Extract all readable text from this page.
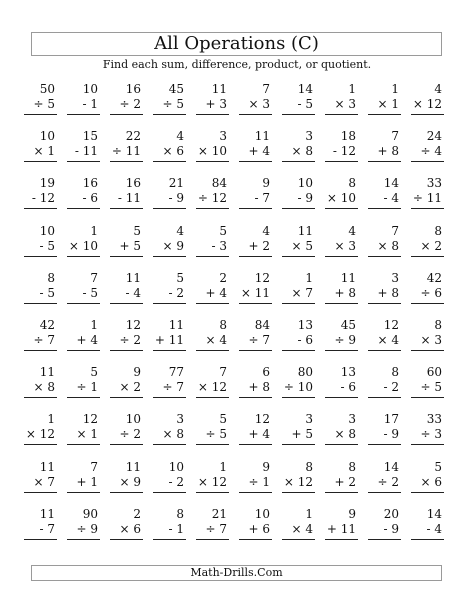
All Operations (C)
Find each sum, difference, product, or quotient.
50
÷ 5
10
- 1
16
÷ 2
45
÷ 5
11
+ 3
7
× 3
14
- 5
1
× 3
1
× 1
4
× 12
10
× 1
15
- 11
22
÷ 11
4
× 6
3
× 10
11
+ 4
3
× 8
18
- 12
7
+ 8
24
÷ 4
19
- 12
16
- 6
16
- 11
21
- 9
84
÷ 12
9
- 7
10
- 9
8
× 10
14
- 4
33
÷ 11
10
- 5
1
× 10
5
+ 5
4
× 9
5
- 3
4
+ 2
11
× 5
4
× 3
7
× 8
8
× 2
8
- 5
7
- 5
11
- 4
5
- 2
2
+ 4
12
× 11
1
× 7
11
+ 8
3
+ 8
42
÷ 6
42
÷ 7
1
+ 4
12
÷ 2
11
+ 11
8
× 4
84
÷ 7
13
- 6
45
÷ 9
12
× 4
8
× 3
11
× 8
5
÷ 1
9
× 2
77
÷ 7
7
× 12
6
+ 8
80
÷ 10
13
- 6
8
- 2
60
÷ 5
1
× 12
12
× 1
10
÷ 2
3
× 8
5
÷ 5
12
+ 4
3
+ 5
3
× 8
17
- 9
33
÷ 3
11
× 7
7
+ 1
11
× 9
10
- 2
1
× 12
9
÷ 1
8
× 12
8
+ 2
14
÷ 2
5
× 6
11
- 7
90
÷ 9
2
× 6
8
- 1
21
÷ 7
10
+ 6
1
× 4
9
+ 11
20
- 9
14
- 4
Math-Drills.Com
